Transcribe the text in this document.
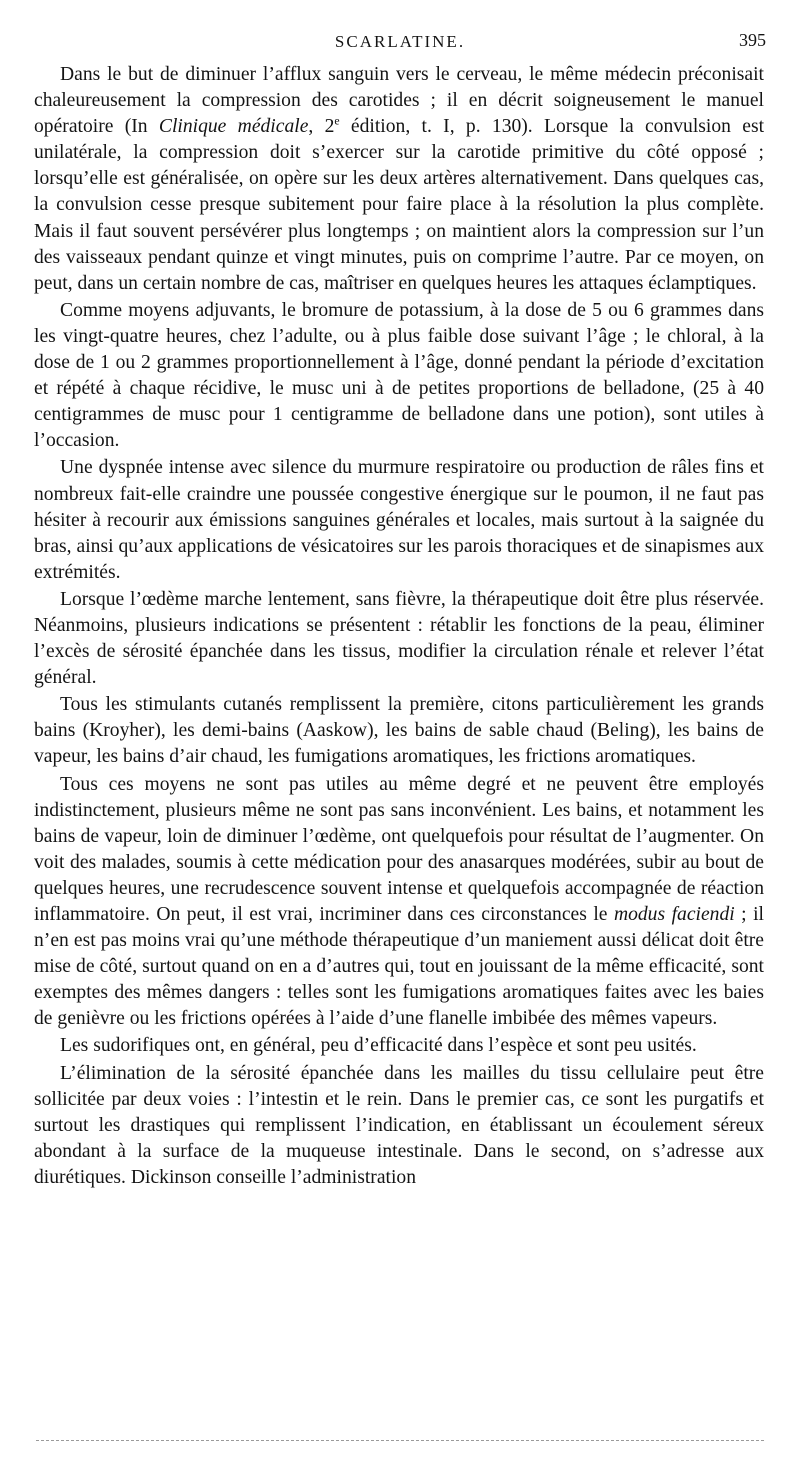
SCARLATINE.	395

Dans le but de diminuer l’afflux sanguin vers le cerveau, le même médecin préconisait chaleureusement la compression des carotides ; il en décrit soigneusement le manuel opératoire (In Clinique médicale, 2e édition, t. I, p. 130). Lorsque la convulsion est unilatérale, la compression doit s’exercer sur la carotide primitive du côté opposé ; lorsqu’elle est généralisée, on opère sur les deux artères alternativement. Dans quelques cas, la convulsion cesse presque subitement pour faire place à la résolution la plus complète. Mais il faut souvent persévérer plus longtemps ; on maintient alors la compression sur l’un des vaisseaux pendant quinze et vingt minutes, puis on comprime l’autre. Par ce moyen, on peut, dans un certain nombre de cas, maîtriser en quelques heures les attaques éclamptiques.

Comme moyens adjuvants, le bromure de potassium, à la dose de 5 ou 6 grammes dans les vingt-quatre heures, chez l’adulte, ou à plus faible dose suivant l’âge ; le chloral, à la dose de 1 ou 2 grammes proportionnellement à l’âge, donné pendant la période d’excitation et répété à chaque récidive, le musc uni à de petites proportions de belladone, (25 à 40 centigrammes de musc pour 1 centigramme de belladone dans une potion), sont utiles à l’occasion.

Une dyspnée intense avec silence du murmure respiratoire ou production de râles fins et nombreux fait-elle craindre une poussée congestive énergique sur le poumon, il ne faut pas hésiter à recourir aux émissions sanguines générales et locales, mais surtout à la saignée du bras, ainsi qu’aux applications de vésicatoires sur les parois thoraciques et de sinapismes aux extrémités.

Lorsque l’œdème marche lentement, sans fièvre, la thérapeutique doit être plus réservée. Néanmoins, plusieurs indications se présentent : rétablir les fonctions de la peau, éliminer l’excès de sérosité épanchée dans les tissus, modifier la circulation rénale et relever l’état général.

Tous les stimulants cutanés remplissent la première, citons particulièrement les grands bains (Kroyher), les demi-bains (Aaskow), les bains de sable chaud (Beling), les bains de vapeur, les bains d’air chaud, les fumigations aromatiques, les frictions aromatiques.

Tous ces moyens ne sont pas utiles au même degré et ne peuvent être employés indistinctement, plusieurs même ne sont pas sans inconvénient. Les bains, et notamment les bains de vapeur, loin de diminuer l’œdème, ont quelquefois pour résultat de l’augmenter. On voit des malades, soumis à cette médication pour des anasarques modérées, subir au bout de quelques heures, une recrudescence souvent intense et quelquefois accompagnée de réaction inflammatoire. On peut, il est vrai, incriminer dans ces circonstances le modus faciendi ; il n’en est pas moins vrai qu’une méthode thérapeutique d’un maniement aussi délicat doit être mise de côté, surtout quand on en a d’autres qui, tout en jouissant de la même efficacité, sont exemptes des mêmes dangers : telles sont les fumigations aromatiques faites avec les baies de genièvre ou les frictions opérées à l’aide d’une flanelle imbibée des mêmes vapeurs.

Les sudorifiques ont, en général, peu d’efficacité dans l’espèce et sont peu usités.

L’élimination de la sérosité épanchée dans les mailles du tissu cellulaire peut être sollicitée par deux voies : l’intestin et le rein. Dans le premier cas, ce sont les purgatifs et surtout les drastiques qui remplissent l’indication, en établissant un écoulement séreux abondant à la surface de la muqueuse intestinale. Dans le second, on s’adresse aux diurétiques. Dickinson conseille l’administration
